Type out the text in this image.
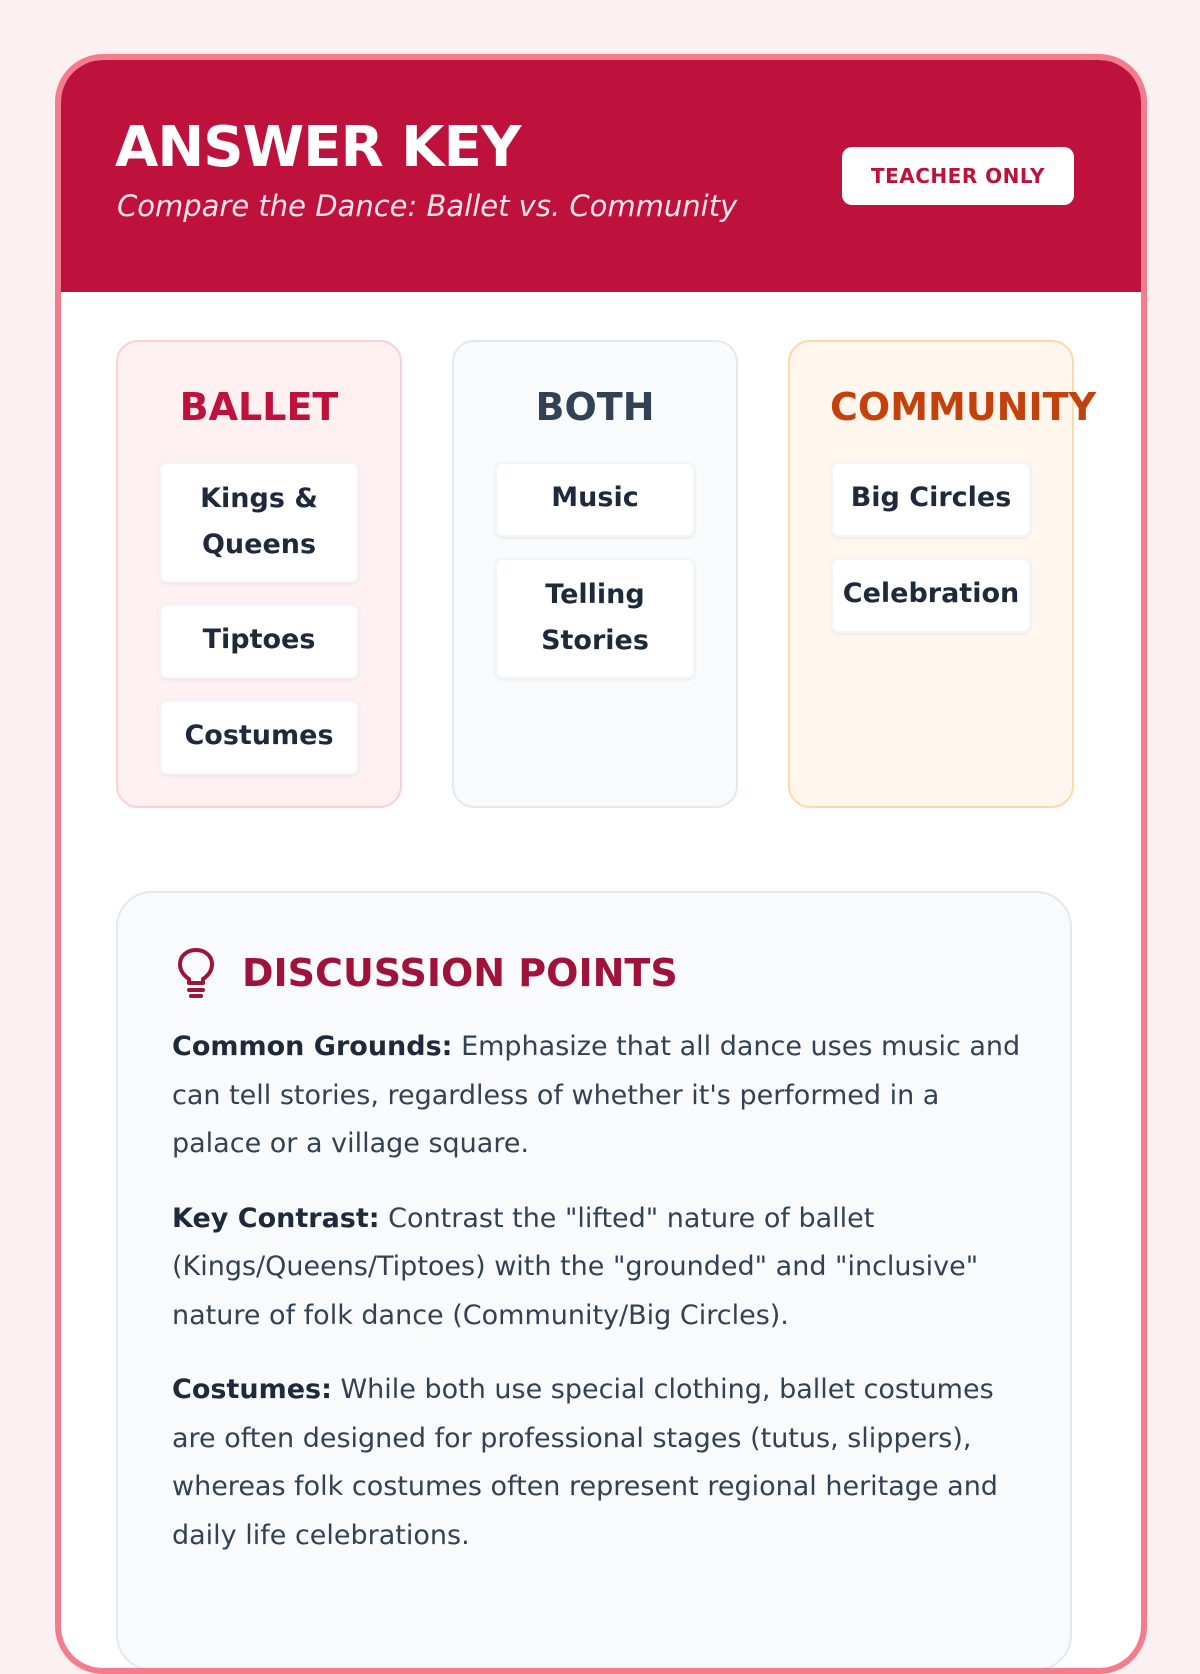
ANSWER KEY

Compare the Dance: Ballet vs. Community

TEACHER ONLY
BALLET
Kings & Queens
Tiptoes
Costumes
BOTH
Music
Telling Stories
COMMUNITY
Big Circles
Celebration
DISCUSSION POINTS

Common Grounds: Emphasize that all dance uses music and can tell stories, regardless of whether it's performed in a palace or a village square.

Key Contrast: Contrast the "lifted" nature of ballet (Kings/Queens/Tiptoes) with the "grounded" and "inclusive" nature of folk dance (Community/Big Circles).

Costumes: While both use special clothing, ballet costumes are often designed for professional stages (tutus, slippers), whereas folk costumes often represent regional heritage and daily life celebrations.
